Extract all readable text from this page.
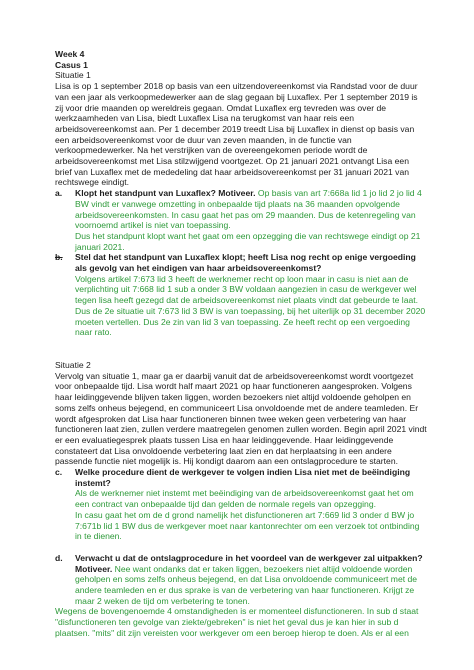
Week 4

Casus 1

Situatie 1

Lisa is op 1 september 2018 op basis van een uitzendovereenkomst via Randstad voor de duur van een jaar als verkoopmedewerker aan de slag gegaan bij Luxaflex. Per 1 september 2019 is zij voor drie maanden op wereldreis gegaan. Omdat Luxaflex erg tevreden was over de werkzaamheden van Lisa, biedt Luxaflex Lisa na terugkomst van haar reis een arbeidsovereenkomst aan. Per 1 december 2019 treedt Lisa bij Luxaflex in dienst op basis van een arbeidsovereenkomst voor de duur van zeven maanden, in de functie van verkoopmedewerker. Na het verstrijken van de overeengekomen periode wordt de arbeidsovereenkomst met Lisa stilzwijgend voortgezet. Op 21 januari 2021 ontvangt Lisa een brief van Luxaflex met de mededeling dat haar arbeidsovereenkomst per 31 januari 2021 van rechtswege eindigt.

a. Klopt het standpunt van Luxaflex? Motiveer. Op basis van art 7:668a lid 1 jo lid 2 jo lid 4 BW vindt er vanwege omzetting in onbepaalde tijd plaats na 36 maanden opvolgende arbeidsovereenkomsten. In casu gaat het pas om 29 maanden. Dus de ketenregeling van voornoemd artikel is niet van toepassing.

Dus het standpunt klopt want het gaat om een opzegging die van rechtswege eindigt op 21 januari 2021.

b. Stel dat het standpunt van Luxaflex klopt; heeft Lisa nog recht op enige vergoeding als gevolg van het eindigen van haar arbeidsovereenkomst?

Volgens artikel 7:673 lid 3 heeft de werknemer recht op loon maar in casu is niet aan de verplichting uit 7:668 lid 1 sub a onder 3 BW voldaan aangezien in casu de werkgever wel tegen lisa heeft gezegd dat de arbeidsovereenkomst niet plaats vindt dat gebeurde te laat. Dus de 2e situatie uit 7:673 lid 3 BW is van toepassing, bij het uiterlijk op 31 december 2020 moeten vertellen. Dus 2e zin van lid 3 van toepassing. Ze heeft recht op een vergoeding naar rato.

Situatie 2

Vervolg van situatie 1, maar ga er daarbij vanuit dat de arbeidsovereenkomst wordt voortgezet voor onbepaalde tijd. Lisa wordt half maart 2021 op haar functioneren aangesproken. Volgens haar leidinggevende blijven taken liggen, worden bezoekers niet altijd voldoende geholpen en soms zelfs onheus bejegend, en communiceert Lisa onvoldoende met de andere teamleden. Er wordt afgesproken dat Lisa haar functioneren binnen twee weken geen verbetering van haar functioneren laat zien, zullen verdere maatregelen genomen zullen worden. Begin april 2021 vindt er een evaluatiegesprek plaats tussen Lisa en haar leidinggevende. Haar leidinggevende constateert dat Lisa onvoldoende verbetering laat zien en dat herplaatsing in een andere passende functie niet mogelijk is. Hij kondigt daarom aan een ontslagprocedure te starten.

c. Welke procedure dient de werkgever te volgen indien Lisa niet met de beëindiging instemt?

Als de werknemer niet instemt met beëindiging van de arbeidsovereenkomst gaat het om een contract van onbepaalde tijd dan gelden de normale regels van opzegging.

In casu gaat het om de d grond namelijk het disfunctioneren art 7:669 lid 3 onder d BW jo 7:671b lid 1 BW dus de werkgever moet naar kantonrechter om een verzoek tot ontbinding in te dienen.

d. Verwacht u dat de ontslagprocedure in het voordeel van de werkgever zal uitpakken? Motiveer. Nee want ondanks dat er taken liggen, bezoekers niet altijd voldoende worden geholpen en soms zelfs onheus bejegend, en dat Lisa onvoldoende communiceert met de andere teamleden en er dus sprake is van de verbetering van haar functioneren. Krijgt ze maar 2 weken de tijd om verbetering te tonen.

Wegens de bovengenoemde 4 omstandigheden is er momenteel disfunctioneren. In sub d staat "disfunctioneren ten gevolge van ziekte/gebreken" is niet het geval dus je kan hier in sub d plaatsen. "mits" dit zijn vereisten voor werkgever om een beroep hierop te doen. Als er al een
